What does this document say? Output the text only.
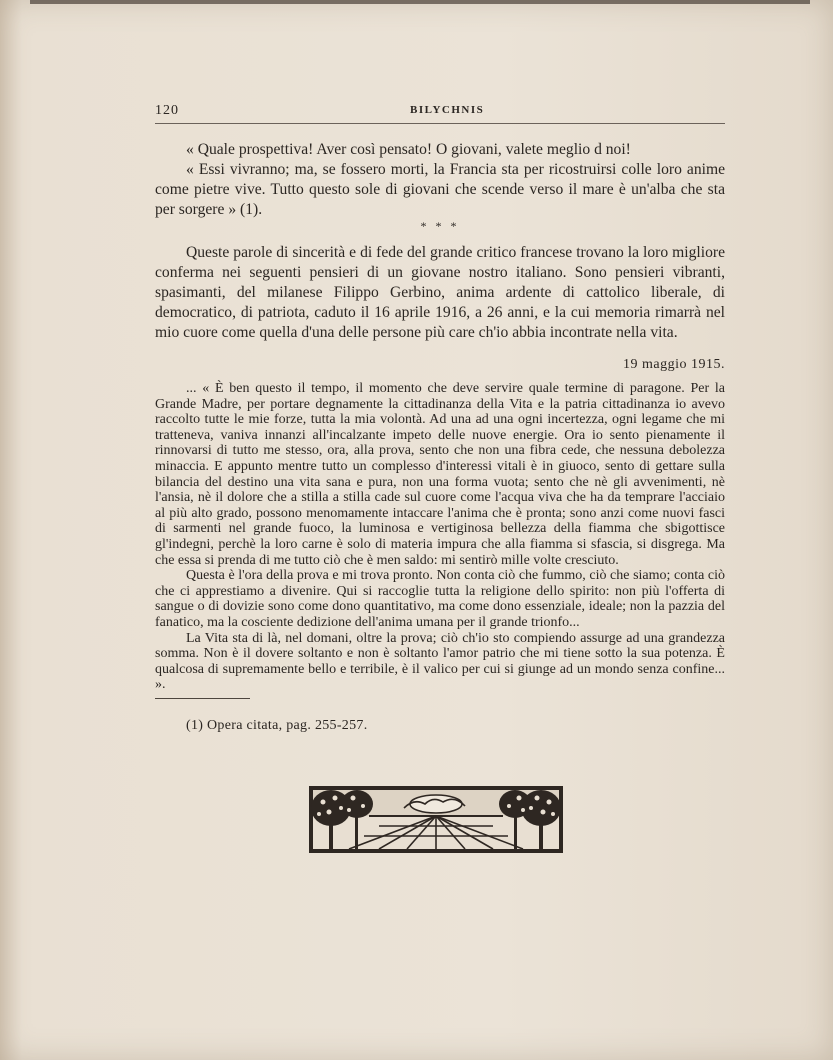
120	BILYCHNIS

« Quale prospettiva! Aver così pensato! O giovani, valete meglio d noi!

« Essi vivranno; ma, se fossero morti, la Francia sta per ricostruirsi colle loro anime come pietre vive. Tutto questo sole di giovani che scende verso il mare è un'alba che sta per sorgere » (1).

* * *

Queste parole di sincerità e di fede del grande critico francese trovano la loro migliore conferma nei seguenti pensieri di un giovane nostro italiano. Sono pensieri vibranti, spasimanti, del milanese Filippo Gerbino, anima ardente di cattolico liberale, di democratico, di patriota, caduto il 16 aprile 1916, a 26 anni, e la cui memoria rimarrà nel mio cuore come quella d'una delle persone più care ch'io abbia incontrate nella vita.

19 maggio 1915.

... « È ben questo il tempo, il momento che deve servire quale termine di paragone. Per la Grande Madre, per portare degnamente la cittadinanza della Vita e la patria cittadinanza io avevo raccolto tutte le mie forze, tutta la mia volontà. Ad una ad una ogni incertezza, ogni legame che mi tratteneva, vaniva innanzi all'incalzante impeto delle nuove energie. Ora io sento pienamente il rinnovarsi di tutto me stesso, ora, alla prova, sento che non una fibra cede, che nessuna debolezza minaccia. E appunto mentre tutto un complesso d'interessi vitali è in giuoco, sento di gettare sulla bilancia del destino una vita sana e pura, non una forma vuota; sento che nè gli avvenimenti, nè l'ansia, nè il dolore che a stilla a stilla cade sul cuore come l'acqua viva che ha da temprare l'acciaio al più alto grado, possono menomamente intaccare l'anima che è pronta; sono anzi come nuovi fasci di sarmenti nel grande fuoco, la luminosa e vertiginosa bellezza della fiamma che sbigottisce gl'indegni, perchè la loro carne è solo di materia impura che alla fiamma si sfascia, si disgrega. Ma che essa si prenda di me tutto ciò che è men saldo: mi sentirò mille volte cresciuto.

Questa è l'ora della prova e mi trova pronto. Non conta ciò che fummo, ciò che siamo; conta ciò che ci apprestiamo a divenire. Qui si raccoglie tutta la religione dello spirito: non più l'offerta di sangue o di dovizie sono come dono quantitativo, ma come dono essenziale, ideale; non la pazzia del fanatico, ma la cosciente dedizione dell'anima umana per il grande trionfo...

La Vita sta di là, nel domani, oltre la prova; ciò ch'io sto compiendo assurge ad una grandezza somma. Non è il dovere soltanto e non è soltanto l'amor patrio che mi tiene sotto la sua potenza. È qualcosa di supremamente bello e terribile, è il valico per cui si giunge ad un mondo senza confine... ».

(1) Opera citata, pag. 255-257.
